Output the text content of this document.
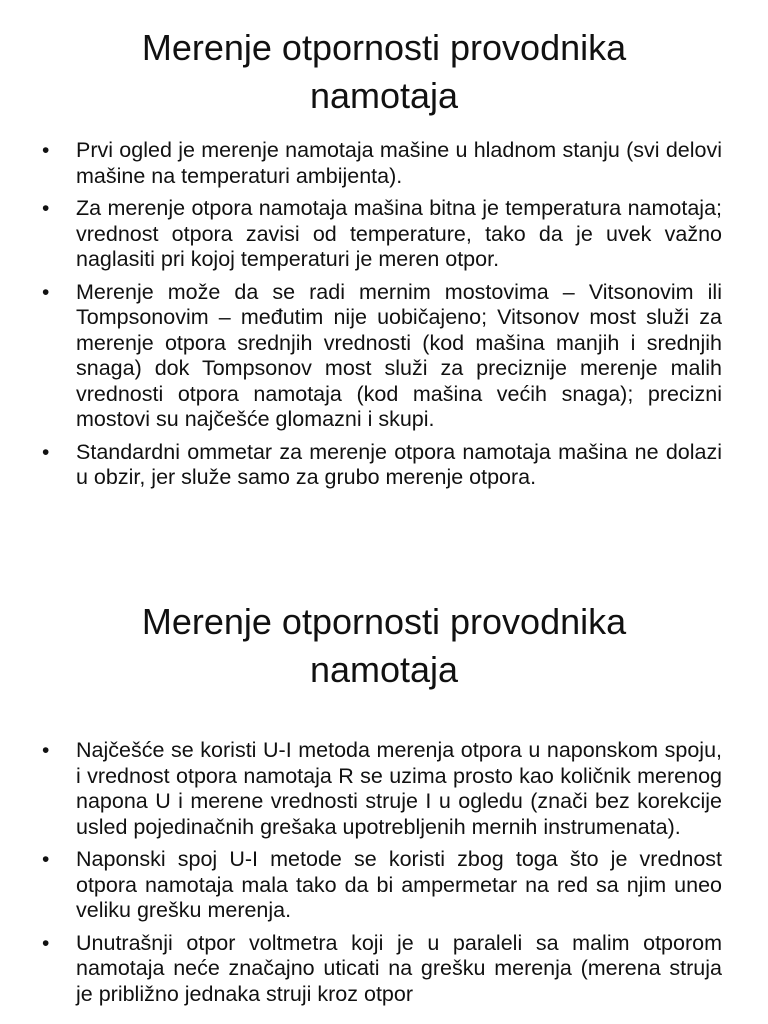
Merenje otpornosti provodnika
namotaja
• Prvi ogled je merenje namotaja mašine u hladnom stanju (svi delovi mašine na temperaturi ambijenta).
• Za merenje otpora namotaja mašina bitna je temperatura namotaja; vrednost otpora zavisi od temperature, tako da je uvek važno naglasiti pri kojoj temperaturi je meren otpor.
• Merenje može da se radi mernim mostovima – Vitsonovim ili Tompsonovim – međutim nije uobičajeno; Vitsonov most služi za merenje otpora srednjih vrednosti (kod mašina manjih i srednjih snaga) dok Tompsonov most služi za preciznije merenje malih vrednosti otpora namotaja (kod mašina većih snaga); precizni mostovi su najčešće glomazni i skupi.
• Standardni ommetar za merenje otpora namotaja mašina ne dolazi u obzir, jer služe samo za grubo merenje otpora.
Merenje otpornosti provodnika
namotaja
• Najčešće se koristi U-I metoda merenja otpora u naponskom spoju, i vrednost otpora namotaja R se uzima prosto kao količnik merenog napona U i merene vrednosti struje I u ogledu (znači bez korekcije usled pojedinačnih grešaka upotrebljenih mernih instrumenata).
• Naponski spoj U-I metode se koristi zbog toga što je vrednost otpora namotaja mala tako da bi ampermetar na red sa njim uneo veliku grešku merenja.
• Unutrašnji otpor voltmetra koji je u paraleli sa malim otporom namotaja neće značajno uticati na grešku merenja (merena struja je približno jednaka struji kroz otpor
